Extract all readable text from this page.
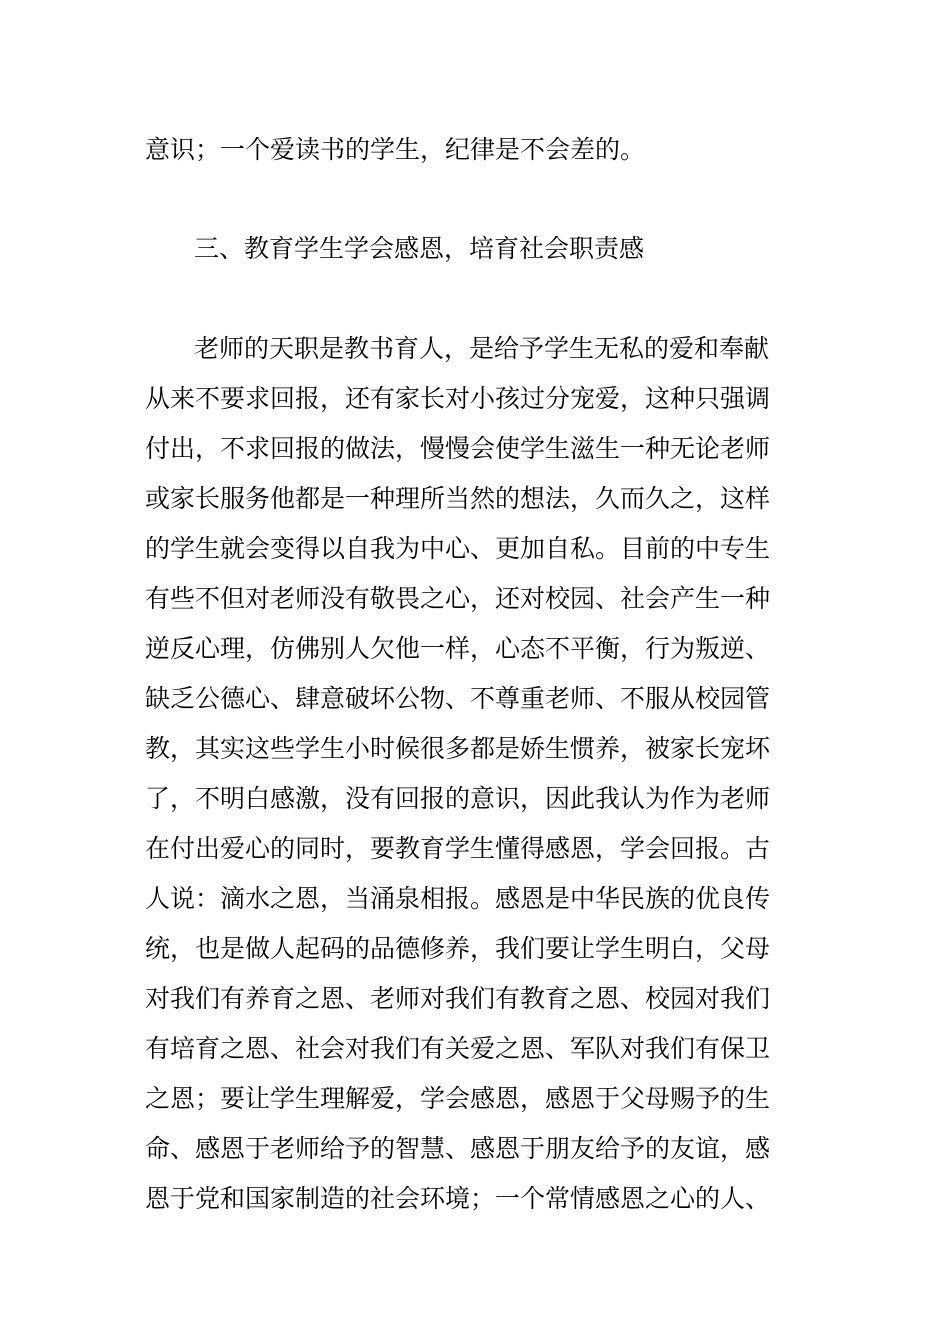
意识；一个爱读书的学生，纪律是不会差的。
三、教育学生学会感恩，培育社会职责感
老师的天职是教书育人，是给予学生无私的爱和奉献
从来不要求回报，还有家长对小孩过分宠爱，这种只强调
付出，不求回报的做法，慢慢会使学生滋生一种无论老师
或家长服务他都是一种理所当然的想法，久而久之，这样
的学生就会变得以自我为中心、更加自私。目前的中专生
有些不但对老师没有敬畏之心，还对校园、社会产生一种
逆反心理，仿佛别人欠他一样，心态不平衡，行为叛逆、
缺乏公德心、肆意破坏公物、不尊重老师、不服从校园管
教，其实这些学生小时候很多都是娇生惯养，被家长宠坏
了，不明白感激，没有回报的意识，因此我认为作为老师
在付出爱心的同时，要教育学生懂得感恩，学会回报。古
人说：滴水之恩，当涌泉相报。感恩是中华民族的优良传
统，也是做人起码的品德修养，我们要让学生明白，父母
对我们有养育之恩、老师对我们有教育之恩、校园对我们
有培育之恩、社会对我们有关爱之恩、军队对我们有保卫
之恩；要让学生理解爱，学会感恩，感恩于父母赐予的生
命、感恩于老师给予的智慧、感恩于朋友给予的友谊，感
恩于党和国家制造的社会环境；一个常情感恩之心的人、
